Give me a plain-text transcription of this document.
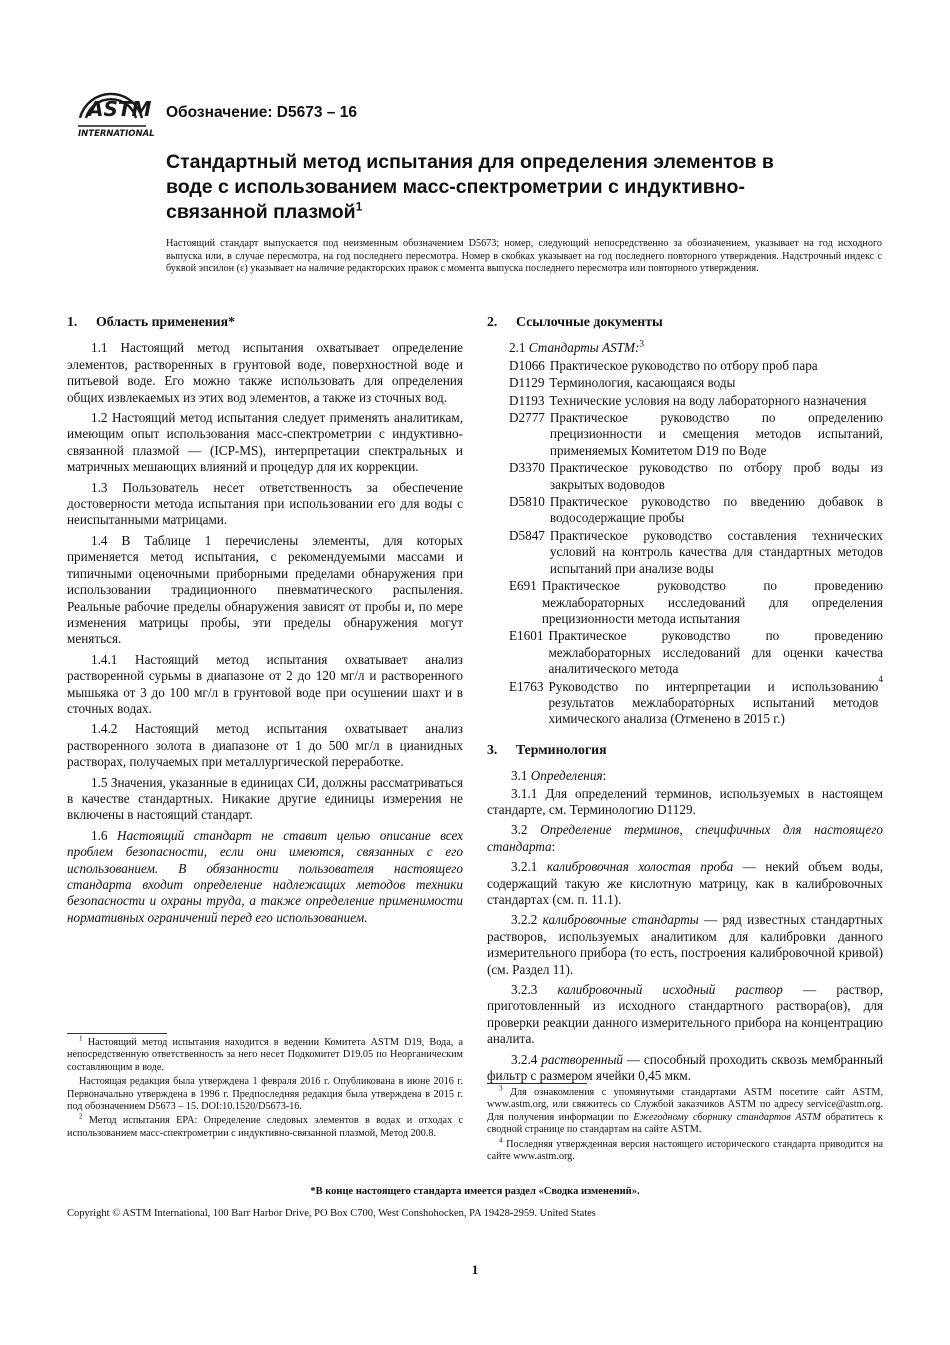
ASTM
INTERNATIONAL
Обозначение: D5673 – 16
Стандартный метод испытания для определения элементов в воде с использованием масс-спектрометрии с индуктивно-связанной плазмой$^1$

Настоящий стандарт выпускается под неизменным обозначением D5673; номер, следующий непосредственно за обозначением, указывает на год исходного выпуска или, в случае пересмотра, на год последнего пересмотра. Номер в скобках указывает на год последнего повторного утверждения. Надстрочный индекс с буквой эпсилон (ε) указывает на наличие редакторских правок с момента выпуска последнего пересмотра или повторного утверждения.

1. Область применения*

1.1 Настоящий метод испытания охватывает определение элементов, растворенных в грунтовой воде, поверхностной воде и питьевой воде. Его можно также использовать для определения общих извлекаемых из этих вод элементов, а также из сточных вод.

1.2 Настоящий метод испытания следует применять аналитикам, имеющим опыт использования масс-спектрометрии с индуктивно-связанной плазмой — (ICP-MS), интерпретации спектральных и матричных мешающих влияний и процедур для их коррекции.

1.3 Пользователь несет ответственность за обеспечение достоверности метода испытания при использовании его для воды с неиспытанными матрицами.

1.4 В Таблице 1 перечислены элементы, для которых применяется метод испытания, с рекомендуемыми массами и типичными оценочными приборными пределами обнаружения при использовании традиционного пневматического распыления. Реальные рабочие пределы обнаружения зависят от пробы и, по мере изменения матрицы пробы, эти пределы обнаружения могут меняться.

1.4.1 Настоящий метод испытания охватывает анализ растворенной сурьмы в диапазоне от 2 до 120 мг/л и растворенного мышьяка от 3 до 100 мг/л в грунтовой воде при осушении шахт и в сточных водах.

1.4.2 Настоящий метод испытания охватывает анализ растворенного золота в диапазоне от 1 до 500 мг/л в цианидных растворах, получаемых при металлургической переработке.

1.5 Значения, указанные в единицах СИ, должны рассматриваться в качестве стандартных. Никакие другие единицы измерения не включены в настоящий стандарт.

1.6 Настоящий стандарт не ставит целью описание всех проблем безопасности, если они имеются, связанных с его использованием. В обязанности пользователя настоящего стандарта входит определение надлежащих методов техники безопасности и охраны труда, а также определение применимости нормативных ограничений перед его использованием.

$^1$ Настоящий метод испытания находится в ведении Комитета ASTM D19, Вода, а непосредственную ответственность за него несет Подкомитет D19.05 по Неорганическим составляющим в воде.

Настоящая редакция была утверждена 1 февраля 2016 г. Опубликована в июне 2016 г. Первоначально утверждена в 1996 г. Предпоследняя редакция была утверждена в 2015 г. под обозначением D5673 – 15. DOI:10.1520/D5673-16.

$^2$ Метод испытания EPA: Определение следовых элементов в водах и отходах с использованием масс-спектрометрии с индуктивно-связанной плазмой, Метод 200.8.

2. Ссылочные документы

2.1 Стандарты ASTM:$^3$

D1066 Практическое руководство по отбору проб пара
D1129 Терминология, касающаяся воды
D1193 Технические условия на воду лабораторного назначения
D2777 Практическое руководство по определению прецизионности и смещения методов испытаний, применяемых Комитетом D19 по Воде
D3370 Практическое руководство по отбору проб воды из закрытых водоводов
D5810 Практическое руководство по введению добавок в водосодержащие пробы
D5847 Практическое руководство составления технических условий на контроль качества для стандартных методов испытаний при анализе воды
E691 Практическое руководство по проведению межлабораторных исследований для определения прецизионности метода испытания
E1601 Практическое руководство по проведению межлабораторных исследований для оценки качества аналитического метода
E1763 Руководство по интерпретации и использованию результатов межлабораторных испытаний методов химического анализа (Отменено в 2015 г.)
4
3. Терминология

3.1 Определения:

3.1.1 Для определений терминов, используемых в настоящем стандарте, см. Терминологию D1129.

3.2 Определение терминов, специфичных для настоящего стандарта:

3.2.1 калибровочная холостая проба — некий объем воды, содержащий такую же кислотную матрицу, как в калибровочных стандартах (см. п. 11.1).

3.2.2 калибровочные стандарты — ряд известных стандартных растворов, используемых аналитиком для калибровки данного измерительного прибора (то есть, построения калибровочной кривой) (см. Раздел 11).

3.2.3 калибровочный исходный раствор — раствор, приготовленный из исходного стандартного раствора(ов), для проверки реакции данного измерительного прибора на концентрацию аналита.

3.2.4 растворенный — способный проходить сквозь мембранный фильтр с размером ячейки 0,45 мкм.

$^3$ Для ознакомления с упомянутыми стандартами ASTM посетите сайт ASTM, www.astm.org, или свяжитесь со Службой заказчиков ASTM по адресу service@astm.org. Для получения информации по Ежегодному сборнику стандартов ASTM обратитесь к сводной странице по стандартам на сайте ASTM.

$^4$ Последняя утвержденная версия настоящего исторического стандарта приводится на сайте www.astm.org.

*В конце настоящего стандарта имеется раздел «Сводка изменений».
Copyright © ASTM International, 100 Barr Harbor Drive, PO Box C700, West Conshohocken, PA 19428-2959. United States
1
